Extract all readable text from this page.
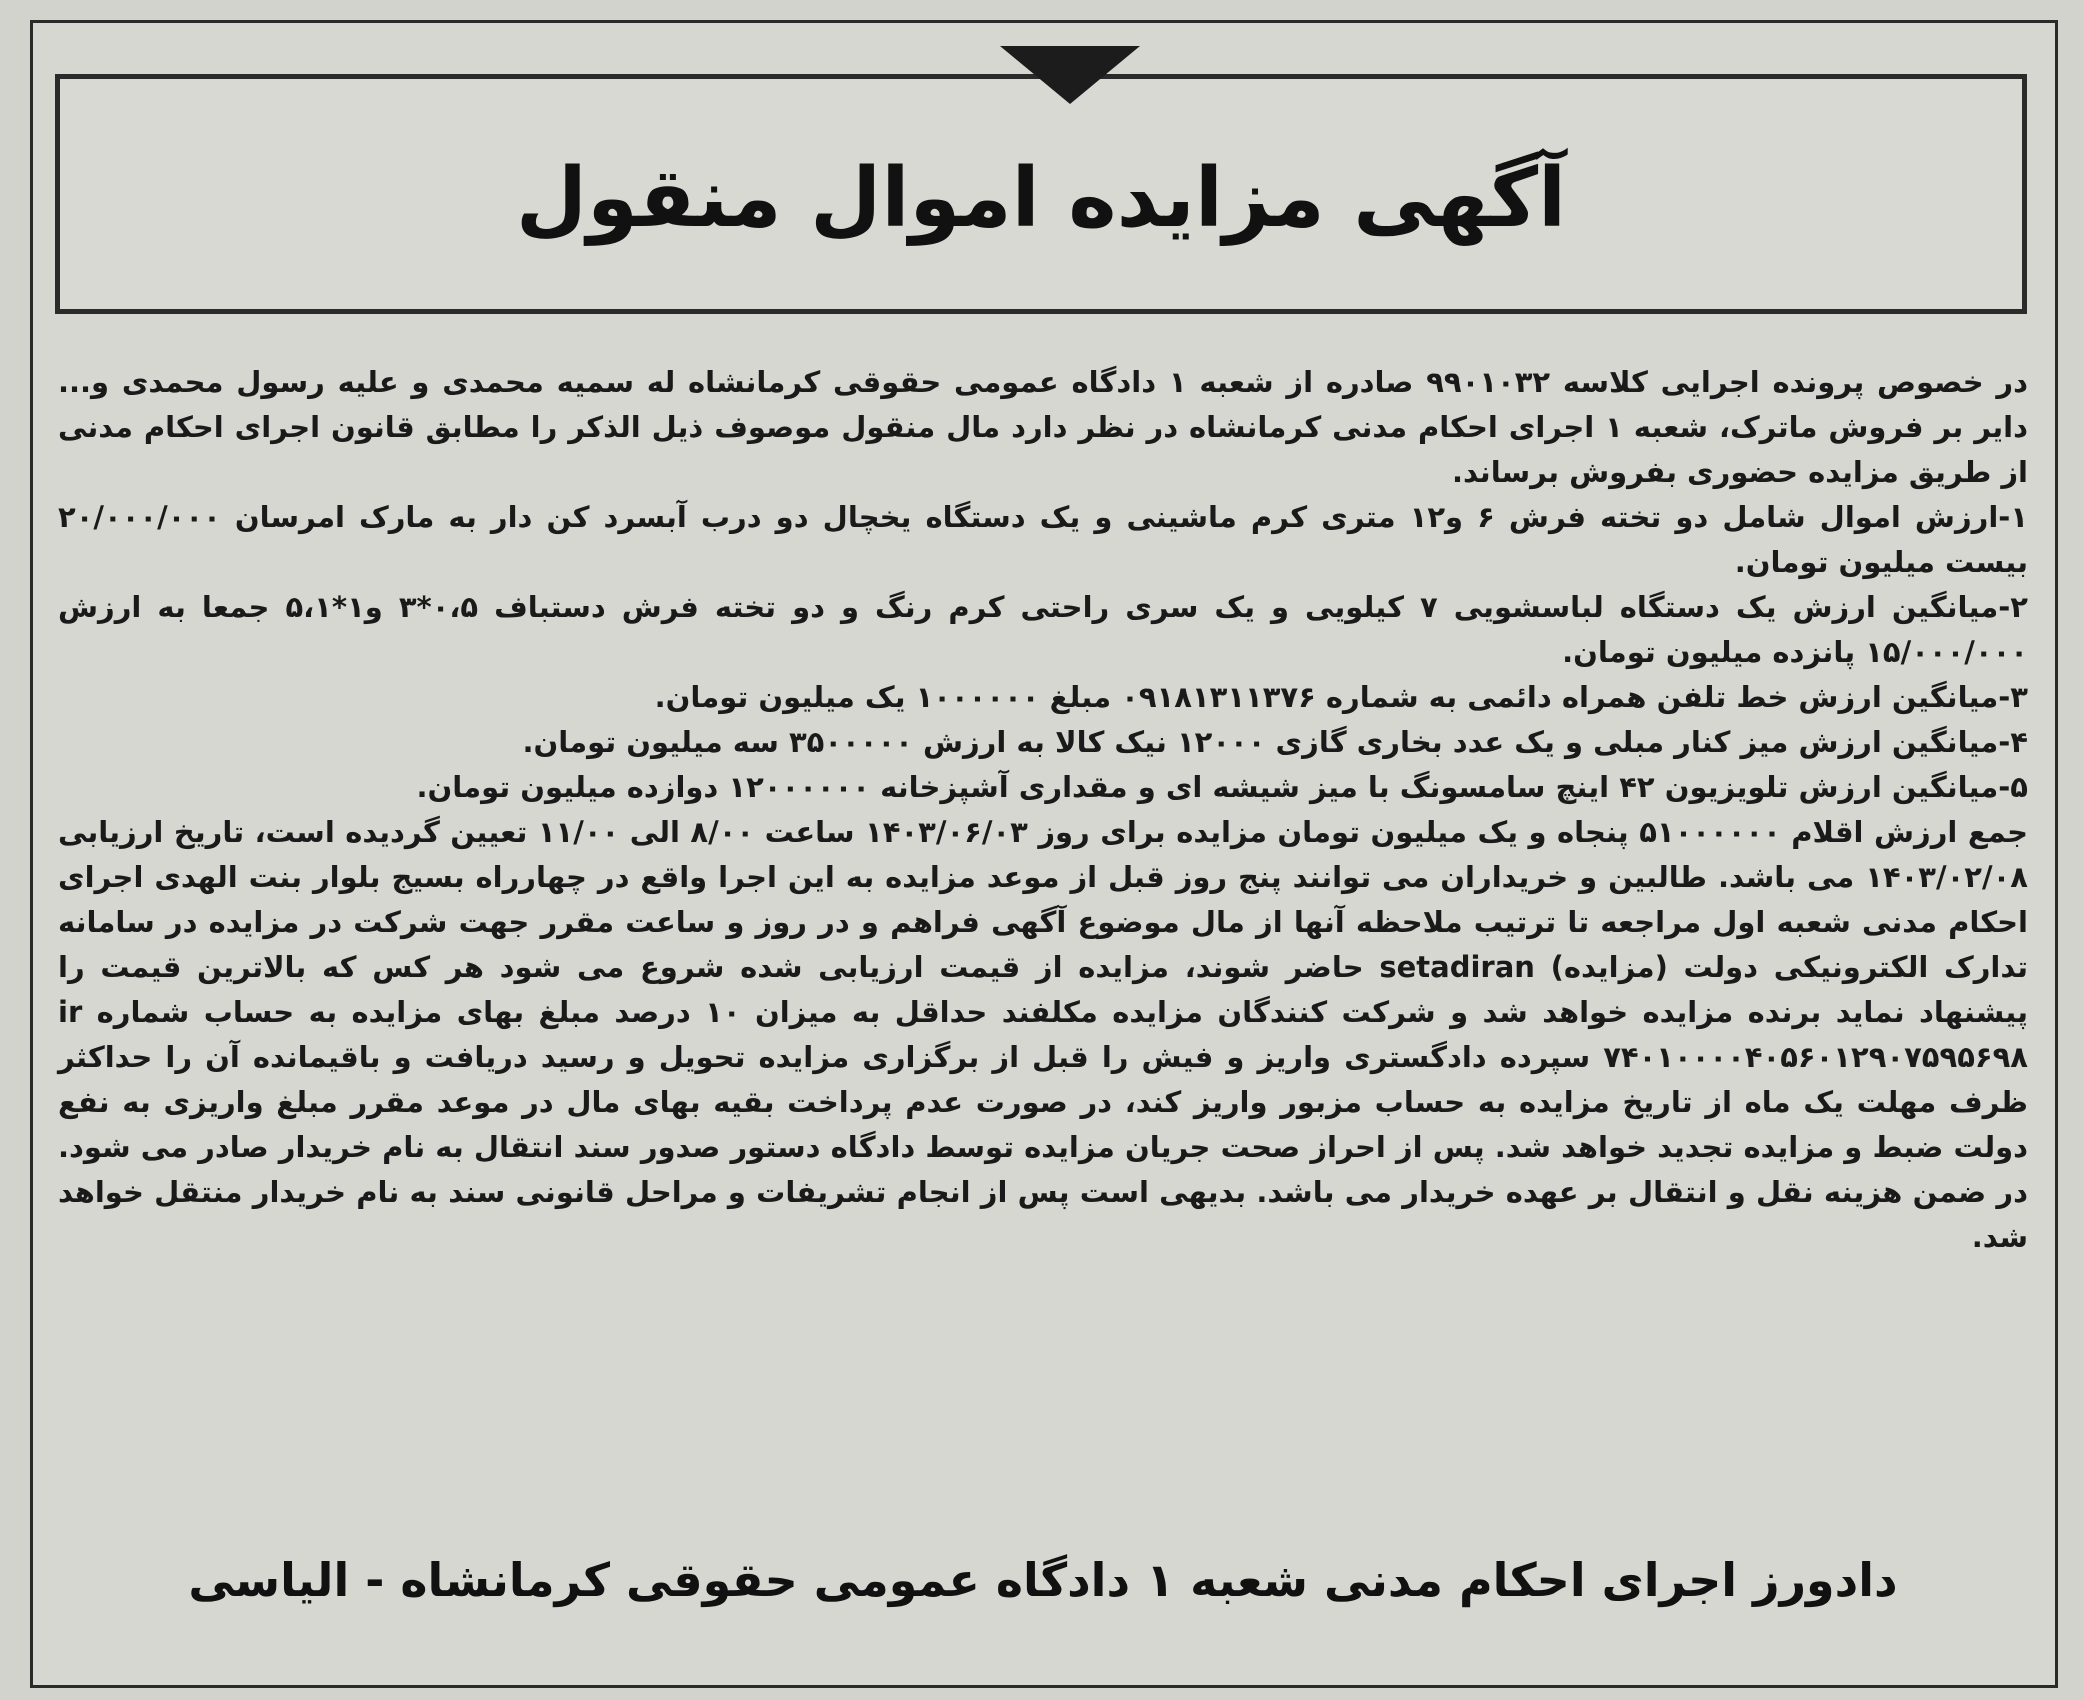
آگهی مزایده اموال منقول

در خصوص پرونده اجرایی کلاسه ۹۹۰۱۰۳۲ صادره از شعبه ۱ دادگاه عمومی حقوقی کرمانشاه له سمیه محمدی و علیه رسول محمدی و... دایر بر فروش ماترک، شعبه ۱ اجرای احکام مدنی کرمانشاه در نظر دارد مال منقول موصوف ذیل الذکر را مطابق قانون اجرای احکام مدنی از طریق مزایده حضوری بفروش برساند.

۱-ارزش اموال شامل دو تخته فرش ۶ و۱۲ متری کرم ماشینی و یک دستگاه یخچال دو درب آبسرد کن دار به مارک امرسان ۲۰/۰۰۰/۰۰۰ بیست میلیون تومان.

۲-میانگین ارزش یک دستگاه لباسشویی ۷ کیلویی و یک سری راحتی کرم رنگ و دو تخته فرش دستباف ۰،۵*۳ و۱*۵،۱ جمعا به ارزش ۱۵/۰۰۰/۰۰۰ پانزده میلیون تومان.

۳-میانگین ارزش خط تلفن همراه دائمی به شماره ۰۹۱۸۱۳۱۱۳۷۶ مبلغ ۱۰۰۰۰۰۰ یک میلیون تومان.

۴-میانگین ارزش میز کنار مبلی و یک عدد بخاری گازی ۱۲۰۰۰ نیک کالا به ارزش ۳۵۰۰۰۰۰ سه میلیون تومان.

۵-میانگین ارزش تلویزیون ۴۲ اینچ سامسونگ با میز شیشه ای و مقداری آشپزخانه ۱۲۰۰۰۰۰۰ دوازده میلیون تومان.

جمع ارزش اقلام ۵۱۰۰۰۰۰۰ پنجاه و یک میلیون تومان مزایده برای روز ۱۴۰۳/۰۶/۰۳ ساعت ۸/۰۰ الی ۱۱/۰۰ تعیین گردیده است، تاریخ ارزیابی ۱۴۰۳/۰۲/۰۸ می باشد. طالبین و خریداران می توانند پنج روز قبل از موعد مزایده به این اجرا واقع در چهارراه بسیج بلوار بنت الهدی اجرای احکام مدنی شعبه اول مراجعه تا ترتیب ملاحظه آنها از مال موضوع آگهی فراهم و در روز و ساعت مقرر جهت شرکت در مزایده در سامانه تدارک الکترونیکی دولت (مزایده) setadiran حاضر شوند، مزایده از قیمت ارزیابی شده شروع می شود هر کس که بالاترین قیمت را پیشنهاد نماید برنده مزایده خواهد شد و شرکت کنندگان مزایده مکلفند حداقل به میزان ۱۰ درصد مبلغ بهای مزایده به حساب شماره ir ۷۴۰۱۰۰۰۰۴۰۵۶۰۱۲۹۰۷۵۹۵۶۹۸ سپرده دادگستری واریز و فیش را قبل از برگزاری مزایده تحویل و رسید دریافت و باقیمانده آن را حداکثر ظرف مهلت یک ماه از تاریخ مزایده به حساب مزبور واریز کند، در صورت عدم پرداخت بقیه بهای مال در موعد مقرر مبلغ واریزی به نفع دولت ضبط و مزایده تجدید خواهد شد. پس از احراز صحت جریان مزایده توسط دادگاه دستور صدور سند انتقال به نام خریدار صادر می شود. در ضمن هزینه نقل و انتقال بر عهده خریدار می باشد. بدیهی است پس از انجام تشریفات و مراحل قانونی سند به نام خریدار منتقل خواهد شد.

دادورز اجرای احکام مدنی شعبه ۱ دادگاه عمومی حقوقی کرمانشاه - الیاسی
